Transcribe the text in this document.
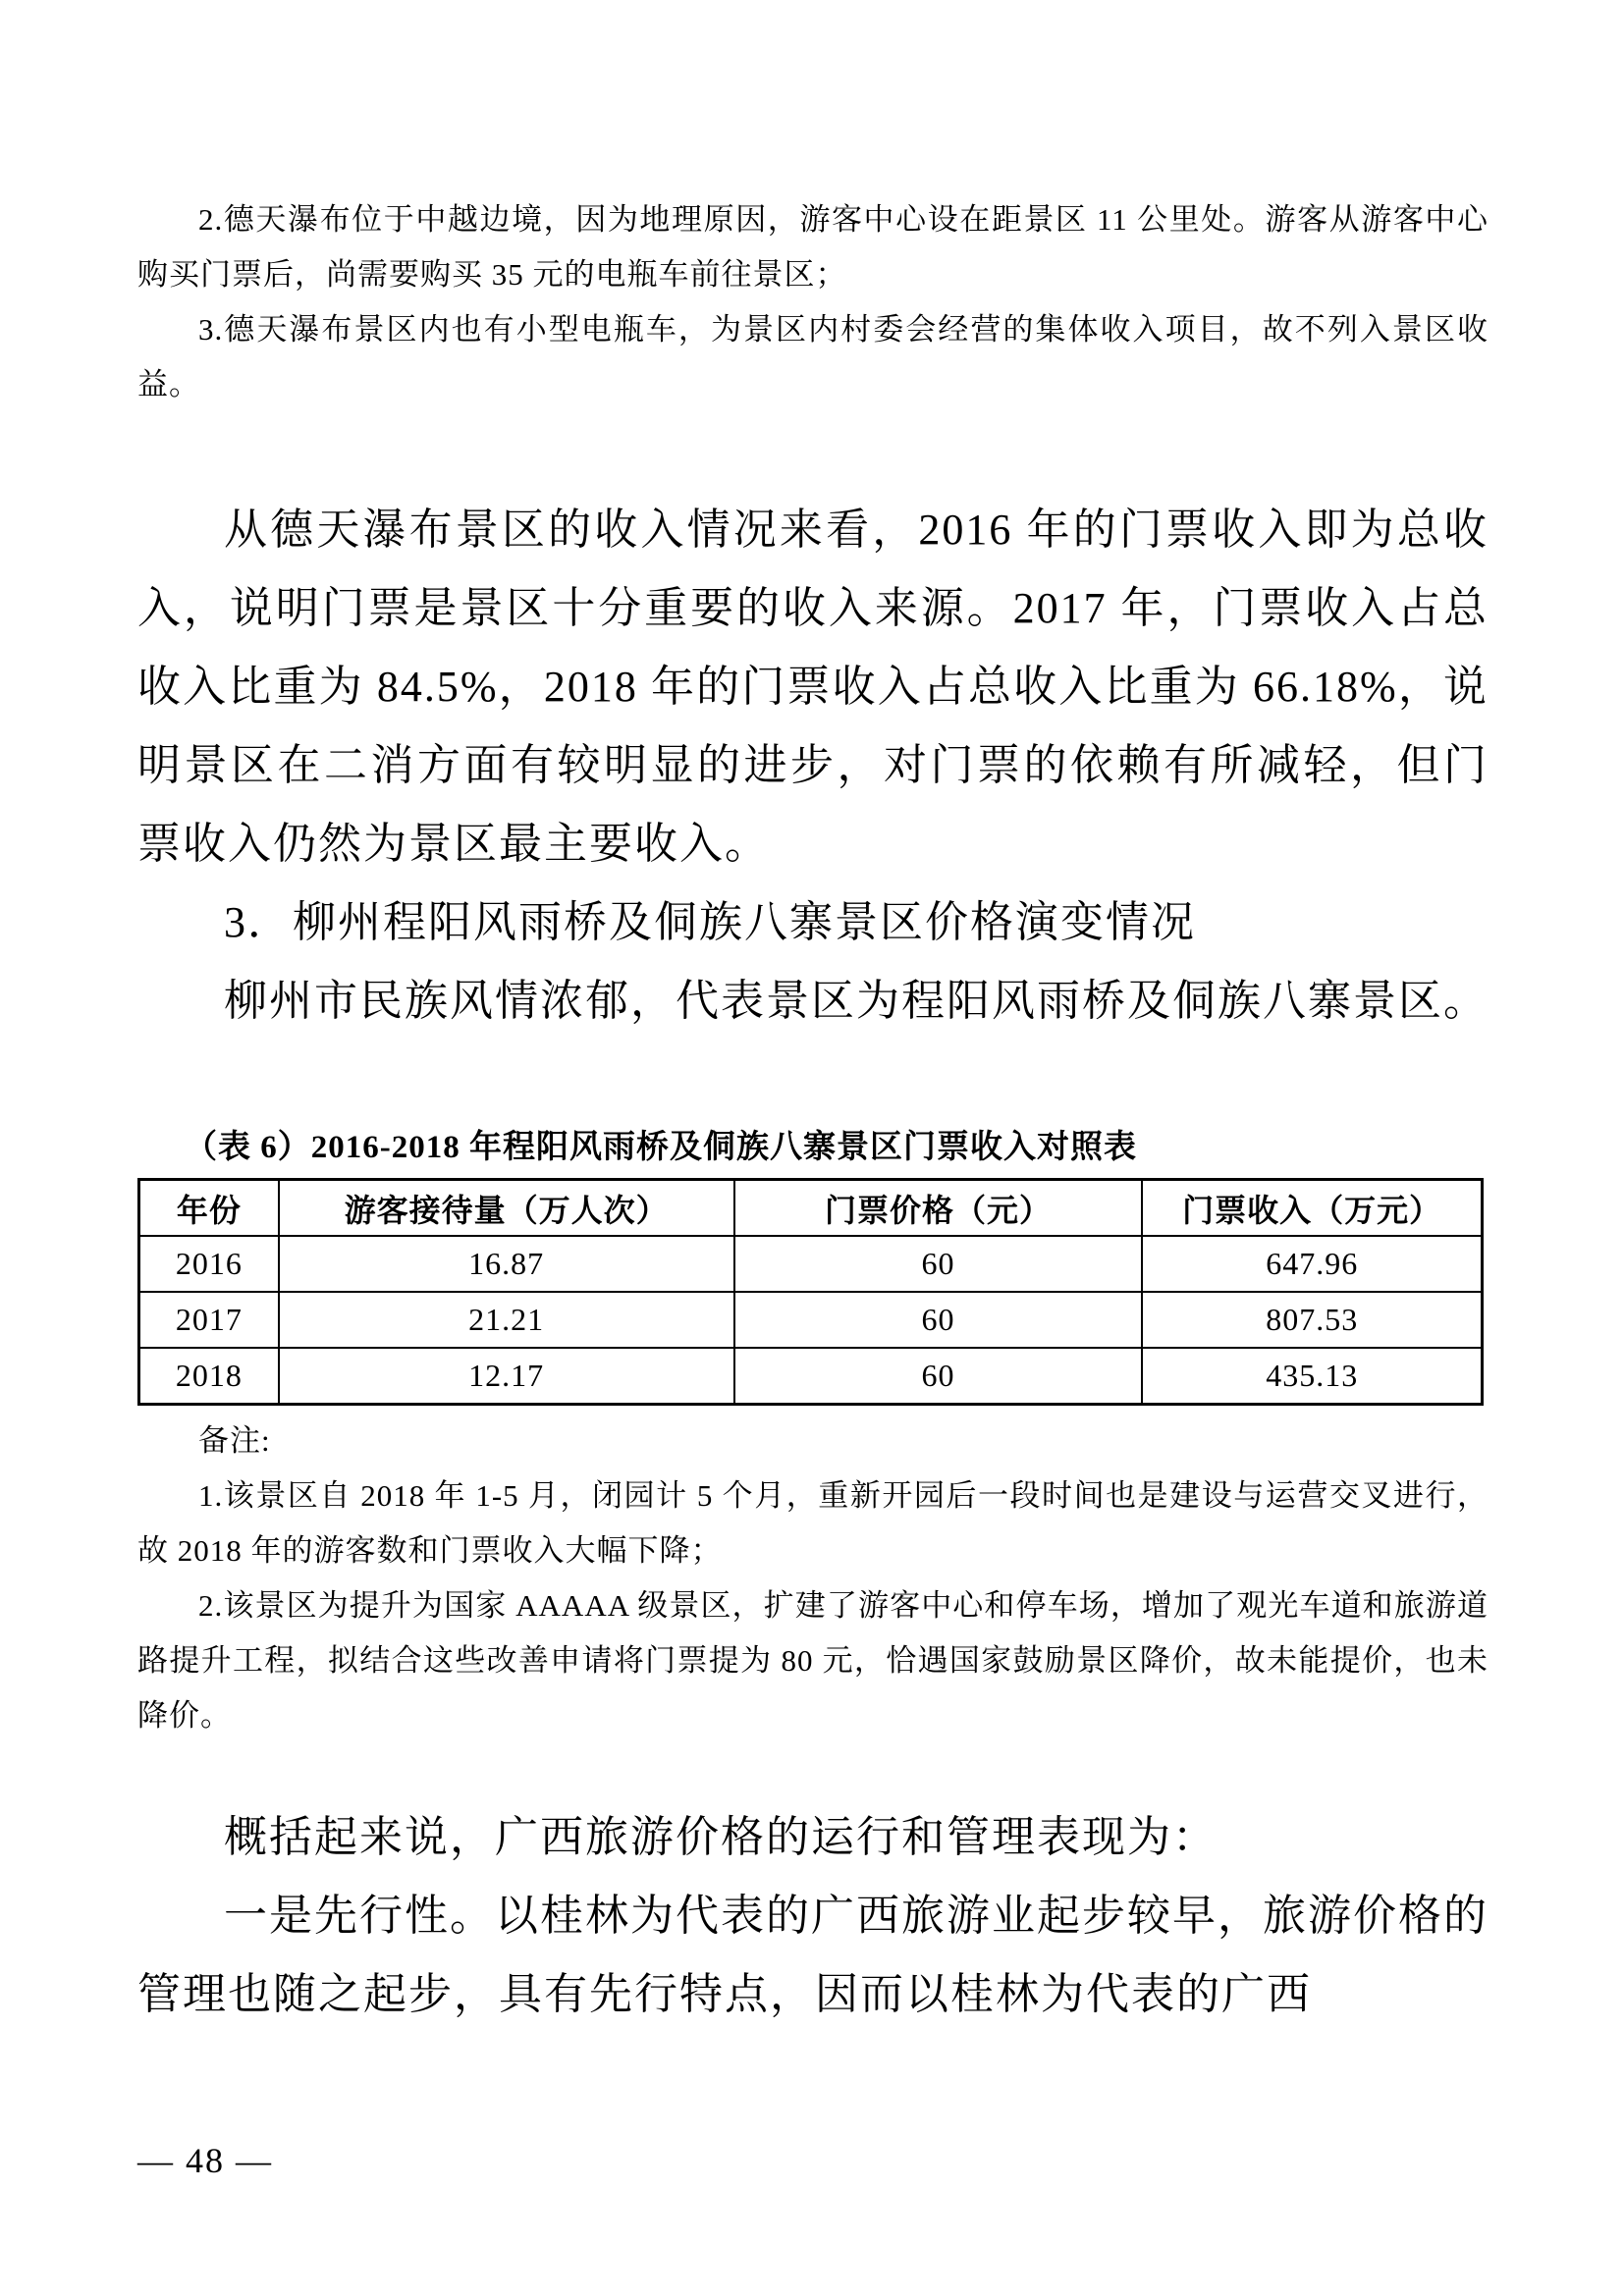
2.德天瀑布位于中越边境，因为地理原因，游客中心设在距景区 11 公里处。游客从游客中心购买门票后，尚需要购买 35 元的电瓶车前往景区；

3.德天瀑布景区内也有小型电瓶车，为景区内村委会经营的集体收入项目，故不列入景区收益。

从德天瀑布景区的收入情况来看，2016 年的门票收入即为总收入，说明门票是景区十分重要的收入来源。2017 年，门票收入占总收入比重为 84.5%，2018 年的门票收入占总收入比重为 66.18%，说明景区在二消方面有较明显的进步，对门票的依赖有所减轻，但门票收入仍然为景区最主要收入。

3．柳州程阳风雨桥及侗族八寨景区价格演变情况

柳州市民族风情浓郁，代表景区为程阳风雨桥及侗族八寨景区。

（表 6）2016-2018 年程阳风雨桥及侗族八寨景区门票收入对照表

年份	游客接待量（万人次）	门票价格（元）	门票收入（万元）
2016	16.87	60	647.96
2017	21.21	60	807.53
2018	12.17	60	435.13

备注:

1.该景区自 2018 年 1-5 月，闭园计 5 个月，重新开园后一段时间也是建设与运营交叉进行，故 2018 年的游客数和门票收入大幅下降；

2.该景区为提升为国家 AAAAA 级景区，扩建了游客中心和停车场，增加了观光车道和旅游道路提升工程，拟结合这些改善申请将门票提为 80 元，恰遇国家鼓励景区降价，故未能提价，也未降价。

概括起来说，广西旅游价格的运行和管理表现为：

一是先行性。以桂林为代表的广西旅游业起步较早，旅游价格的管理也随之起步，具有先行特点，因而以桂林为代表的广西

— 48 —
